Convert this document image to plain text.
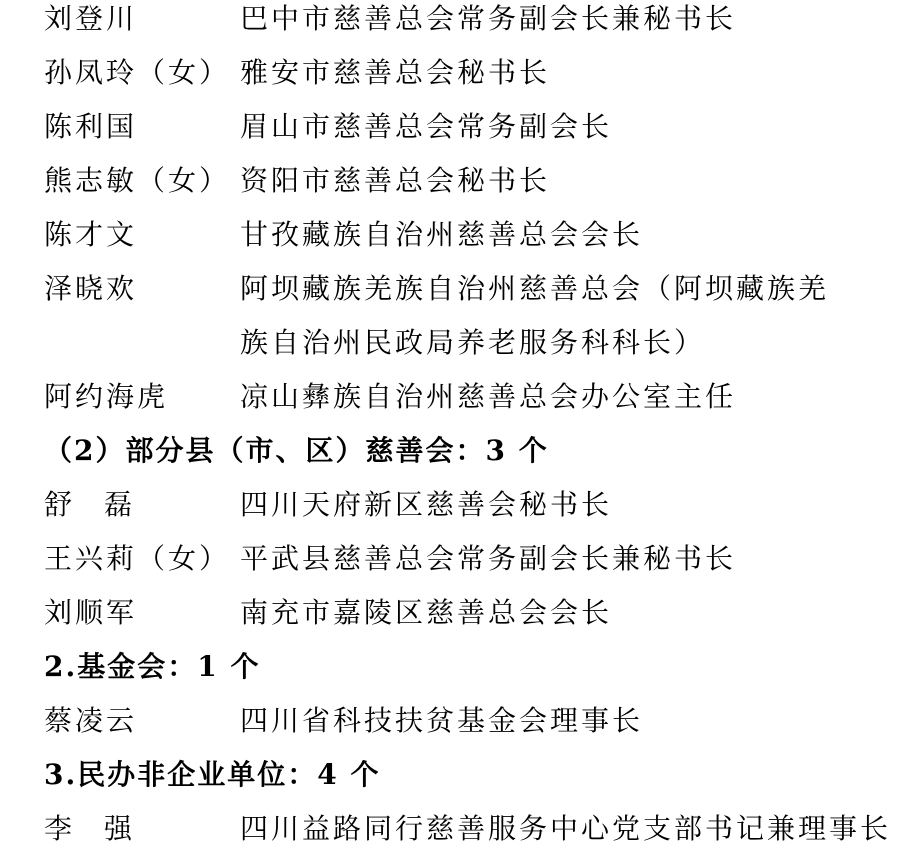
刘登川	巴中市慈善总会常务副会长兼秘书长
孙凤玲（女） 雅安市慈善总会秘书长
陈利国	眉山市慈善总会常务副会长
熊志敏（女） 资阳市慈善总会秘书长
陈才文	甘孜藏族自治州慈善总会会长
泽晓欢	阿坝藏族羌族自治州慈善总会（阿坝藏族羌
族自治州民政局养老服务科科长）
阿约海虎	凉山彝族自治州慈善总会办公室主任
（2）部分县（市、区）慈善会：3 个
舒磊	四川天府新区慈善会秘书长
王兴莉（女） 平武县慈善总会常务副会长兼秘书长
刘顺军	南充市嘉陵区慈善总会会长
2.基金会：1 个
蔡凌云	四川省科技扶贫基金会理事长
3.民办非企业单位：4 个
李强	四川益路同行慈善服务中心党支部书记兼理事长
